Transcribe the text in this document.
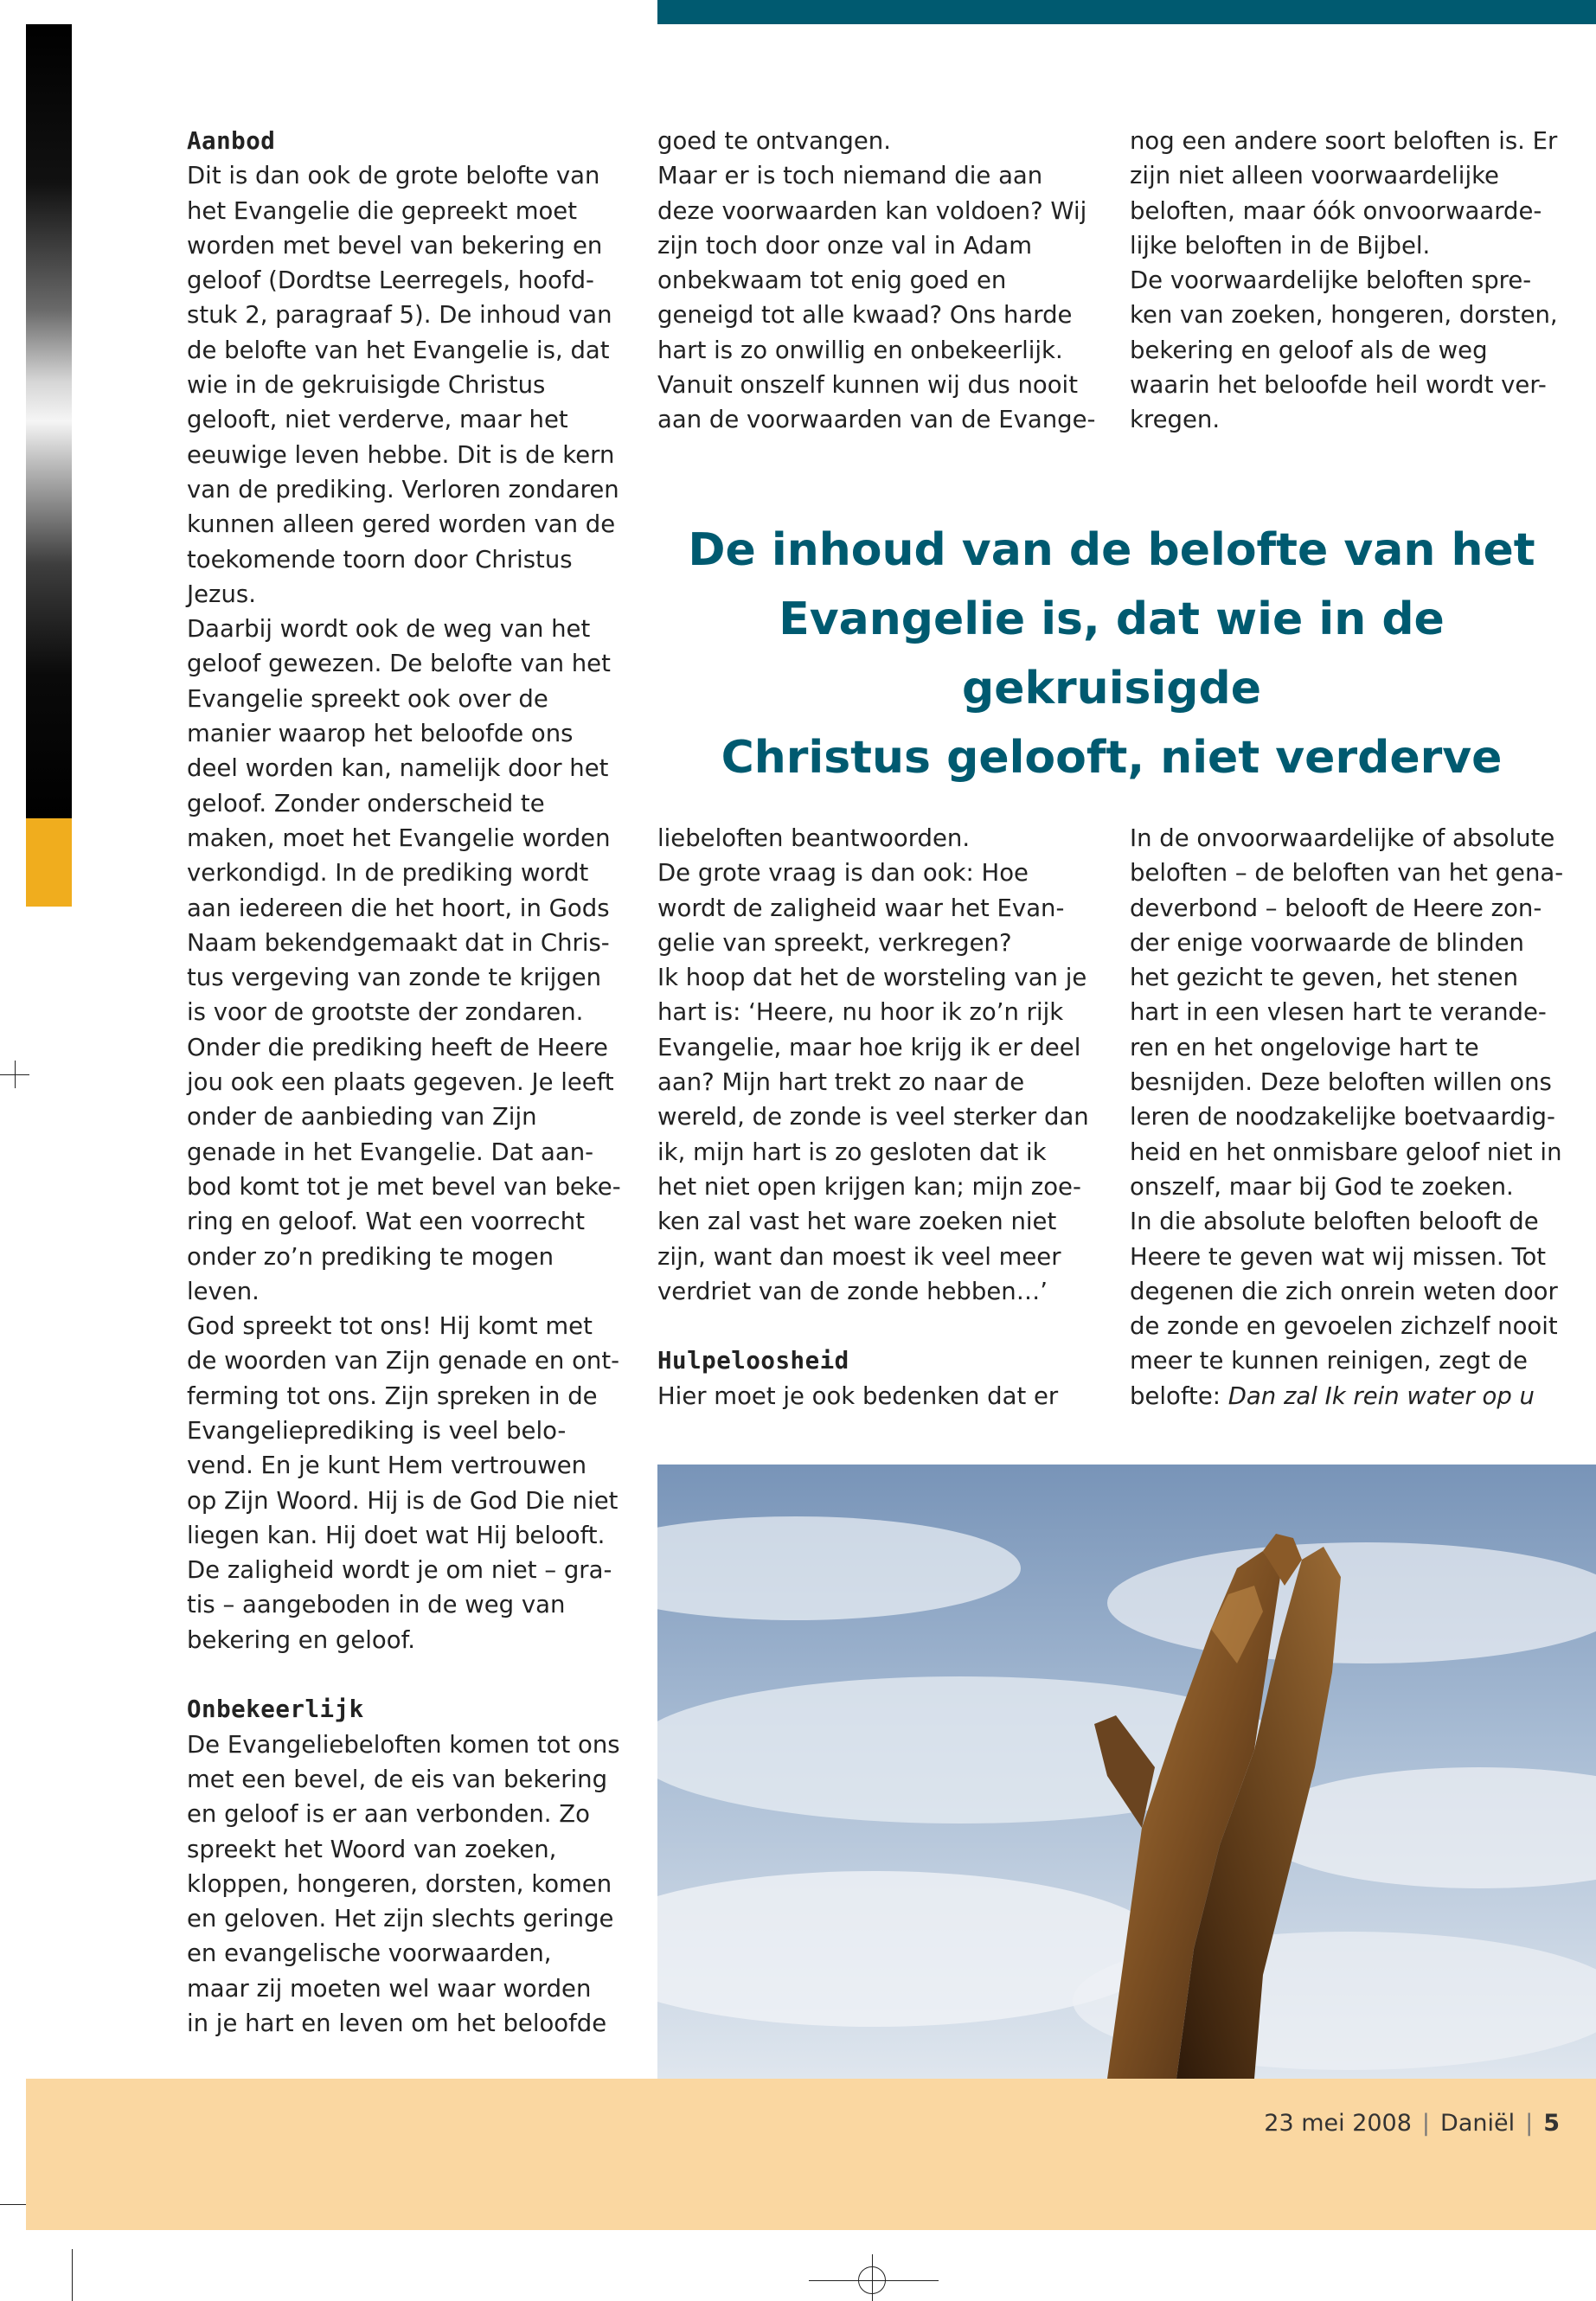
Aanbod
Dit is dan ook de grote belofte van
het Evangelie die gepreekt moet
worden met bevel van bekering en
geloof (Dordtse Leerregels, hoofd-
stuk 2, paragraaf 5). De inhoud van
de belofte van het Evangelie is, dat
wie in de gekruisigde Christus
gelooft, niet verderve, maar het
eeuwige leven hebbe. Dit is de kern
van de prediking. Verloren zondaren
kunnen alleen gered worden van de
toekomende toorn door Christus
Jezus.
Daarbij wordt ook de weg van het
geloof gewezen. De belofte van het
Evangelie spreekt ook over de
manier waarop het beloofde ons
deel worden kan, namelijk door het
geloof. Zonder onderscheid te
maken, moet het Evangelie worden
verkondigd. In de prediking wordt
aan iedereen die het hoort, in Gods
Naam bekendgemaakt dat in Chris-
tus vergeving van zonde te krijgen
is voor de grootste der zondaren.
Onder die prediking heeft de Heere
jou ook een plaats gegeven. Je leeft
onder de aanbieding van Zijn
genade in het Evangelie. Dat aan-
bod komt tot je met bevel van beke-
ring en geloof. Wat een voorrecht
onder zo’n prediking te mogen
leven.
God spreekt tot ons! Hij komt met
de woorden van Zijn genade en ont-
ferming tot ons. Zijn spreken in de
Evangelieprediking is veel belo-
vend. En je kunt Hem vertrouwen
op Zijn Woord. Hij is de God Die niet
liegen kan. Hij doet wat Hij belooft.
De zaligheid wordt je om niet – gra-
tis – aangeboden in de weg van
bekering en geloof.
Onbekeerlijk
De Evangeliebeloften komen tot ons
met een bevel, de eis van bekering
en geloof is er aan verbonden. Zo
spreekt het Woord van zoeken,
kloppen, hongeren, dorsten, komen
en geloven. Het zijn slechts geringe
en evangelische voorwaarden,
maar zij moeten wel waar worden
in je hart en leven om het beloofde
goed te ontvangen.
Maar er is toch niemand die aan
deze voorwaarden kan voldoen? Wij
zijn toch door onze val in Adam
onbekwaam tot enig goed en
geneigd tot alle kwaad? Ons harde
hart is zo onwillig en onbekeerlijk.
Vanuit onszelf kunnen wij dus nooit
aan de voorwaarden van de Evange-
nog een andere soort beloften is. Er
zijn niet alleen voorwaardelijke
beloften, maar óók onvoorwaarde-
lijke beloften in de Bijbel.
De voorwaardelijke beloften spre-
ken van zoeken, hongeren, dorsten,
bekering en geloof als de weg
waarin het beloofde heil wordt ver-
kregen.
De inhoud van de belofte van het
Evangelie is, dat wie in de gekruisigde
Christus gelooft, niet verderve
liebeloften beantwoorden.
De grote vraag is dan ook: Hoe
wordt de zaligheid waar het Evan-
gelie van spreekt, verkregen?
Ik hoop dat het de worsteling van je
hart is: ‘Heere, nu hoor ik zo’n rijk
Evangelie, maar hoe krijg ik er deel
aan? Mijn hart trekt zo naar de
wereld, de zonde is veel sterker dan
ik, mijn hart is zo gesloten dat ik
het niet open krijgen kan; mijn zoe-
ken zal vast het ware zoeken niet
zijn, want dan moest ik veel meer
verdriet van de zonde hebben…’
Hulpeloosheid
Hier moet je ook bedenken dat er
In de onvoorwaardelijke of absolute
beloften – de beloften van het gena-
deverbond – belooft de Heere zon-
der enige voorwaarde de blinden
het gezicht te geven, het stenen
hart in een vlesen hart te verande-
ren en het ongelovige hart te
besnijden. Deze beloften willen ons
leren de noodzakelijke boetvaardig-
heid en het onmisbare geloof niet in
onszelf, maar bij God te zoeken.
In die absolute beloften belooft de
Heere te geven wat wij missen. Tot
degenen die zich onrein weten door
de zonde en gevoelen zichzelf nooit
meer te kunnen reinigen, zegt de
belofte: Dan zal Ik rein water op u
23 mei 2008 | Daniël | 5
